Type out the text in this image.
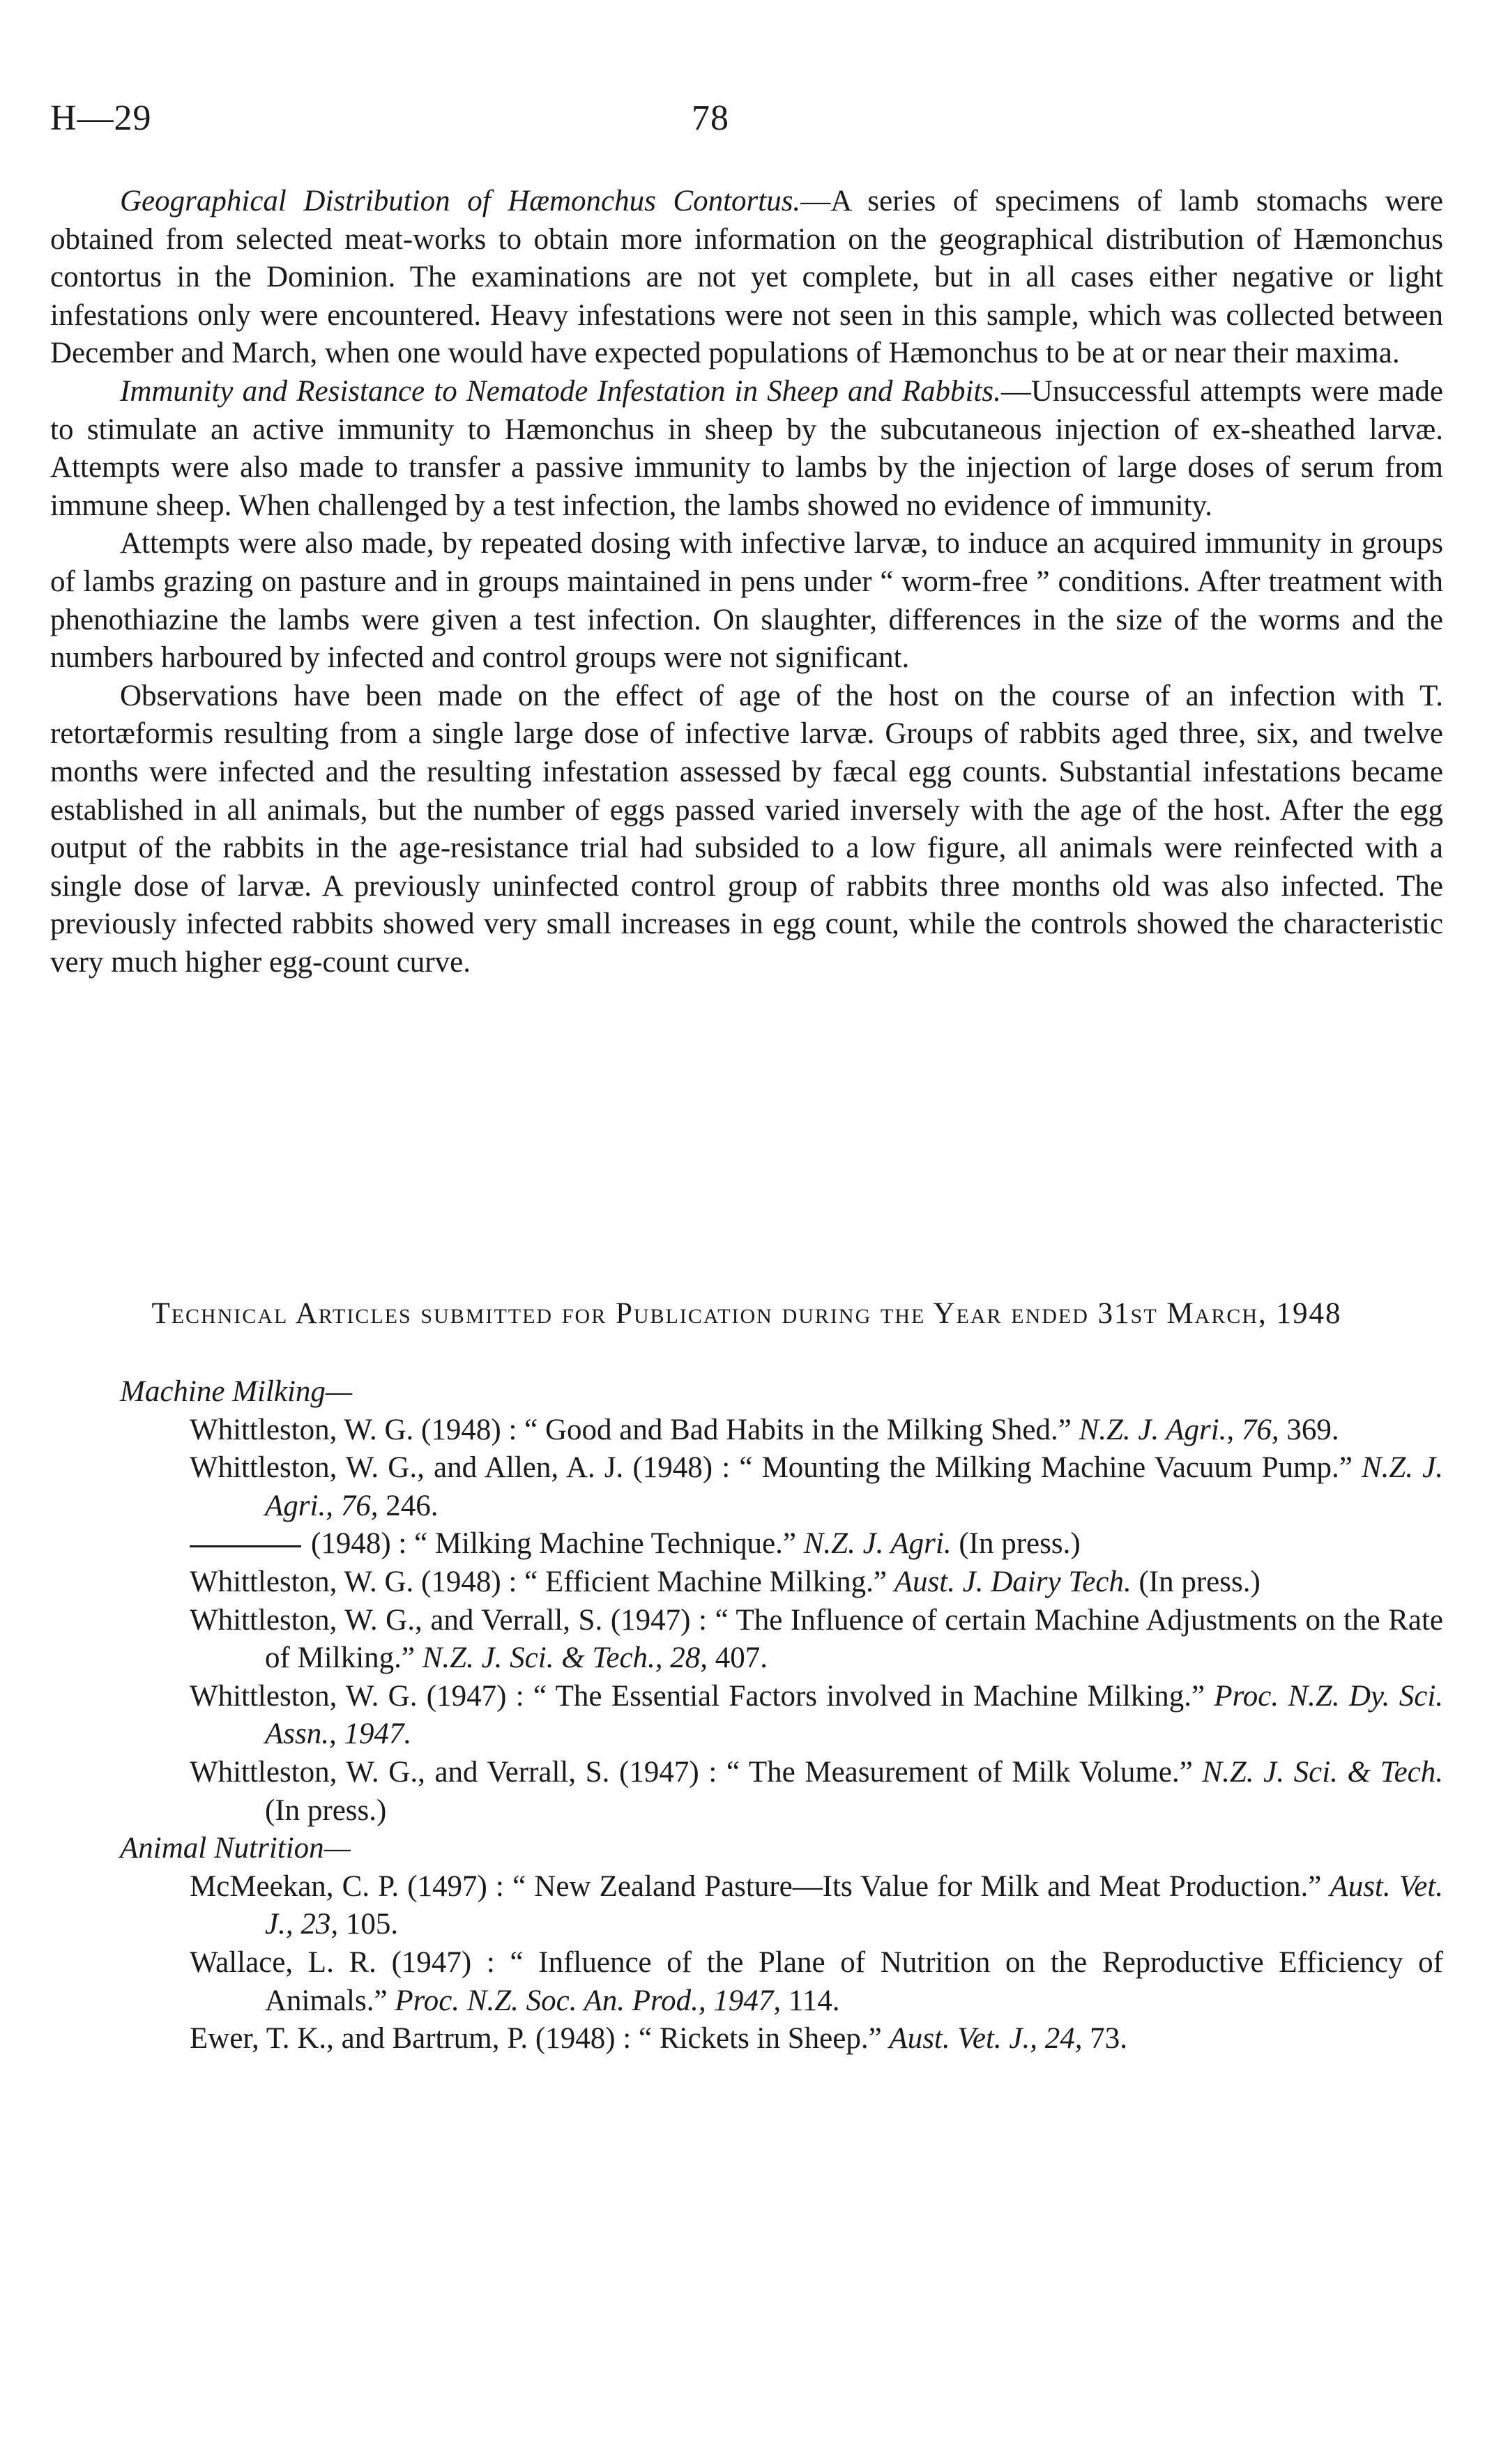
H—29	78

Geographical Distribution of Hæmonchus Contortus.—A series of specimens of lamb stomachs were obtained from selected meat-works to obtain more information on the geographical distribution of Hæmonchus contortus in the Dominion. The examinations are not yet complete, but in all cases either negative or light infestations only were encountered. Heavy infestations were not seen in this sample, which was collected between December and March, when one would have expected populations of Hæmonchus to be at or near their maxima.

Immunity and Resistance to Nematode Infestation in Sheep and Rabbits.—Unsuccessful attempts were made to stimulate an active immunity to Hæmonchus in sheep by the subcutaneous injection of ex-sheathed larvæ. Attempts were also made to transfer a passive immunity to lambs by the injection of large doses of serum from immune sheep. When challenged by a test infection, the lambs showed no evidence of immunity.

Attempts were also made, by repeated dosing with infective larvæ, to induce an acquired immunity in groups of lambs grazing on pasture and in groups maintained in pens under “ worm-free ” conditions. After treatment with phenothiazine the lambs were given a test infection. On slaughter, differences in the size of the worms and the numbers harboured by infected and control groups were not significant.

Observations have been made on the effect of age of the host on the course of an infection with T. retortæformis resulting from a single large dose of infective larvæ. Groups of rabbits aged three, six, and twelve months were infected and the resulting infestation assessed by fæcal egg counts. Substantial infestations became established in all animals, but the number of eggs passed varied inversely with the age of the host. After the egg output of the rabbits in the age-resistance trial had subsided to a low figure, all animals were reinfected with a single dose of larvæ. A previously uninfected control group of rabbits three months old was also infected. The previously infected rabbits showed very small increases in egg count, while the controls showed the characteristic very much higher egg-count curve.

Technical Articles submitted for Publication during the Year ended 31st March, 1948

Machine Milking—

Whittleston, W. G. (1948) : “ Good and Bad Habits in the Milking Shed.” N.Z. J. Agri., 76, 369.

Whittleston, W. G., and Allen, A. J. (1948) : “ Mounting the Milking Machine Vacuum Pump.” N.Z. J. Agri., 76, 246.

(1948) : “ Milking Machine Technique.” N.Z. J. Agri. (In press.)

Whittleston, W. G. (1948) : “ Efficient Machine Milking.” Aust. J. Dairy Tech. (In press.)

Whittleston, W. G., and Verrall, S. (1947) : “ The Influence of certain Machine Adjustments on the Rate of Milking.” N.Z. J. Sci. & Tech., 28, 407.

Whittleston, W. G. (1947) : “ The Essential Factors involved in Machine Milking.” Proc. N.Z. Dy. Sci. Assn., 1947.

Whittleston, W. G., and Verrall, S. (1947) : “ The Measurement of Milk Volume.” N.Z. J. Sci. & Tech. (In press.)

Animal Nutrition—

McMeekan, C. P. (1497) : “ New Zealand Pasture—Its Value for Milk and Meat Production.” Aust. Vet. J., 23, 105.

Wallace, L. R. (1947) : “ Influence of the Plane of Nutrition on the Reproductive Efficiency of Animals.” Proc. N.Z. Soc. An. Prod., 1947, 114.

Ewer, T. K., and Bartrum, P. (1948) : “ Rickets in Sheep.” Aust. Vet. J., 24, 73.
